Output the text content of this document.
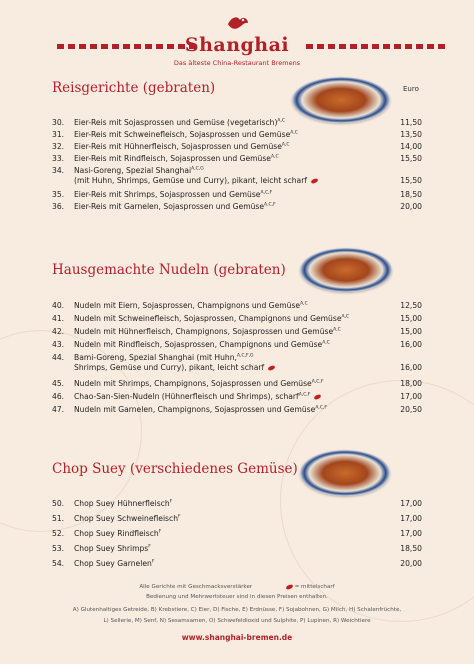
Shanghai
Das älteste China-Restaurant Bremens
Reisgerichte (gebraten)	Euro
30.	Eier-Reis mit Sojasprossen und Gemüse (vegetarisch)$^{A,C}$	11,50
31.	Eier-Reis mit Schweinefleisch, Sojasprossen und Gemüse$^{A,C}$	13,50
32.	Eier-Reis mit Hühnerfleisch, Sojasprossen und Gemüse$^{A,C}$	14,00
33.	Eier-Reis mit Rindfleisch, Sojasprossen und Gemüse$^{A,C}$	15,50
34.	Nasi-Goreng, Spezial Shanghai$^{A,C,G}$
(mit Huhn, Shrimps, Gemüse und Curry), pikant, leicht scharf	15,50
35.	Eier-Reis mit Shrimps, Sojasprossen und Gemüse$^{A,C,F}$	18,50
36.	Eier-Reis mit Garnelen, Sojasprossen und Gemüse$^{A,C,F}$	20,00
Hausgemachte Nudeln (gebraten)
40.	Nudeln mit Eiern, Sojasprossen, Champignons und Gemüse$^{A,C}$	12,50
41.	Nudeln mit Schweinefleisch, Sojasprossen, Champignons und Gemüse$^{A,C}$	15,00
42.	Nudeln mit Hühnerfleisch, Champignons, Sojasprossen und Gemüse$^{A,C}$	15,00
43.	Nudeln mit Rindfleisch, Sojasprossen, Champignons und Gemüse$^{A,C}$	16,00
44.	Bami-Goreng, Spezial Shanghai (mit Huhn,$^{A,C,F,G}$
Shrimps, Gemüse und Curry), pikant, leicht scharf	16,00
45.	Nudeln mit Shrimps, Champignons, Sojasprossen und Gemüse$^{A,C,F}$	18,00
46.	Chao-San-Sien-Nudeln (Hühnerfleisch und Shrimps), scharf$^{A,C,F}$	17,00
47.	Nudeln mit Garnelen, Champignons, Sojasprossen und Gemüse$^{A,C,F}$	20,50
Chop Suey (verschiedenes Gemüse)
50.	Chop Suey Hühnerfleisch$^F$	17,00
51.	Chop Suey Schweinefleisch$^F$	17,00
52.	Chop Suey Rindfleisch$^F$	17,00
53.	Chop Suey Shrimps$^F$	18,50
54.	Chop Suey Garnelen$^F$	20,00
Alle Gerichte mit Geschmacksverstärker	= mittelscharf
Bedienung und Mehrwertsteuer sind in diesen Preisen enthalten.
A) Glutenhaltiges Getreide, B) Krebstiere, C) Eier, D) Fische, E) Erdnüsse, F) Sojabohnen, G) Milch, H) Schalenfrüchte,
L) Sellerie, M) Senf, N) Sesamsamen, O) Schwefeldioxid und Sulphite, P) Lupinen, R) Weichtiere
www.shanghai-bremen.de
